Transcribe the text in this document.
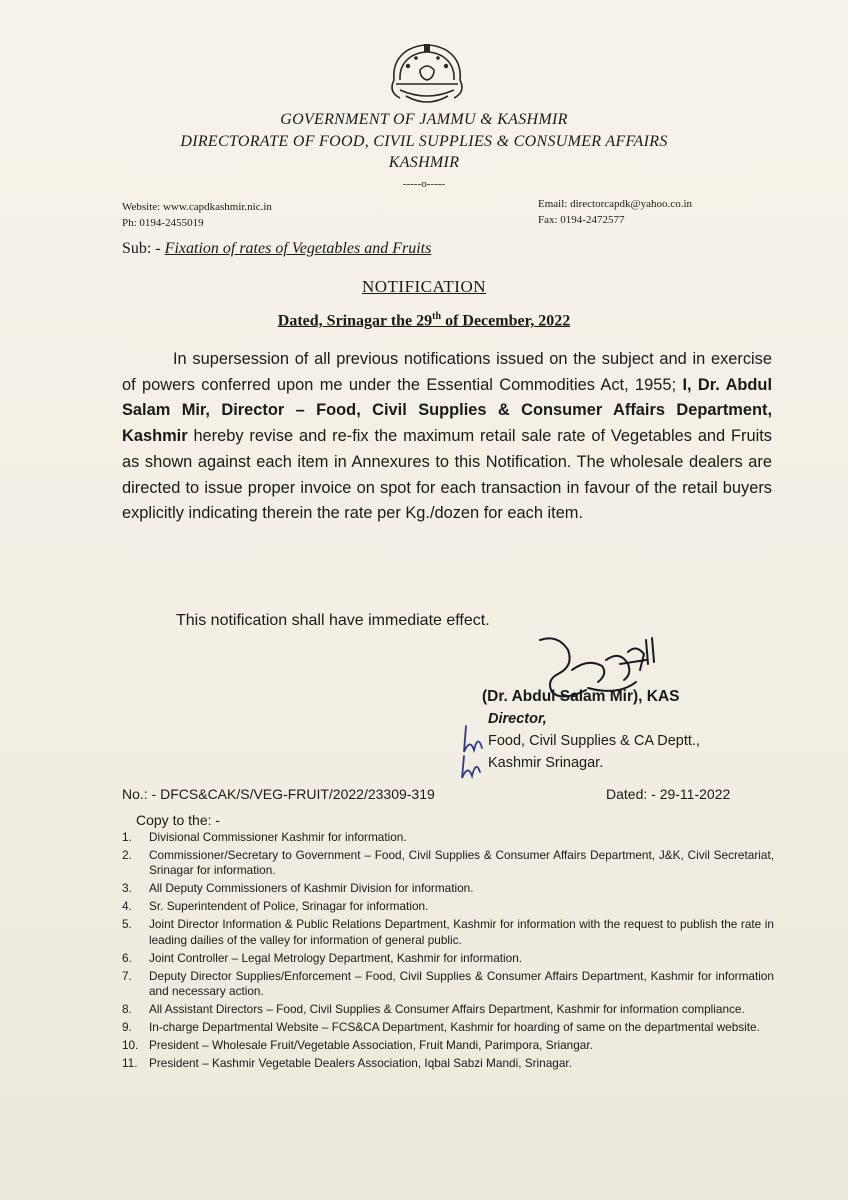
GOVERNMENT OF JAMMU & KASHMIR
DIRECTORATE OF FOOD, CIVIL SUPPLIES & CONSUMER AFFAIRS
KASHMIR
-----o-----
Website: www.capdkashmir.nic.in
Ph: 0194-2455019
Email: directorcapdk@yahoo.co.in
Fax: 0194-2472577
Sub: - Fixation of rates of Vegetables and Fruits
NOTIFICATION
Dated, Srinagar the 29th of December, 2022
In supersession of all previous notifications issued on the subject and in exercise of powers conferred upon me under the Essential Commodities Act, 1955; I, Dr. Abdul Salam Mir, Director – Food, Civil Supplies & Consumer Affairs Department, Kashmir hereby revise and re-fix the maximum retail sale rate of Vegetables and Fruits as shown against each item in Annexures to this Notification. The wholesale dealers are directed to issue proper invoice on spot for each transaction in favour of the retail buyers explicitly indicating therein the rate per Kg./dozen for each item.
This notification shall have immediate effect.
(Dr. Abdul Salam Mir), KAS
Director,
Food, Civil Supplies & CA Deptt.,
Kashmir Srinagar.
No.: - DFCS&CAK/S/VEG-FRUIT/2022/23309-319	Dated: - 29-11-2022
Copy to the: -
1. Divisional Commissioner Kashmir for information.
2. Commissioner/Secretary to Government – Food, Civil Supplies & Consumer Affairs Department, J&K, Civil Secretariat, Srinagar for information.
3. All Deputy Commissioners of Kashmir Division for information.
4. Sr. Superintendent of Police, Srinagar for information.
5. Joint Director Information & Public Relations Department, Kashmir for information with the request to publish the rate in leading dailies of the valley for information of general public.
6. Joint Controller – Legal Metrology Department, Kashmir for information.
7. Deputy Director Supplies/Enforcement – Food, Civil Supplies & Consumer Affairs Department, Kashmir for information and necessary action.
8. All Assistant Directors – Food, Civil Supplies & Consumer Affairs Department, Kashmir for information compliance.
9. In-charge Departmental Website – FCS&CA Department, Kashmir for hoarding of same on the departmental website.
10. President – Wholesale Fruit/Vegetable Association, Fruit Mandi, Parimpora, Sriangar.
11. President – Kashmir Vegetable Dealers Association, Iqbal Sabzi Mandi, Srinagar.
